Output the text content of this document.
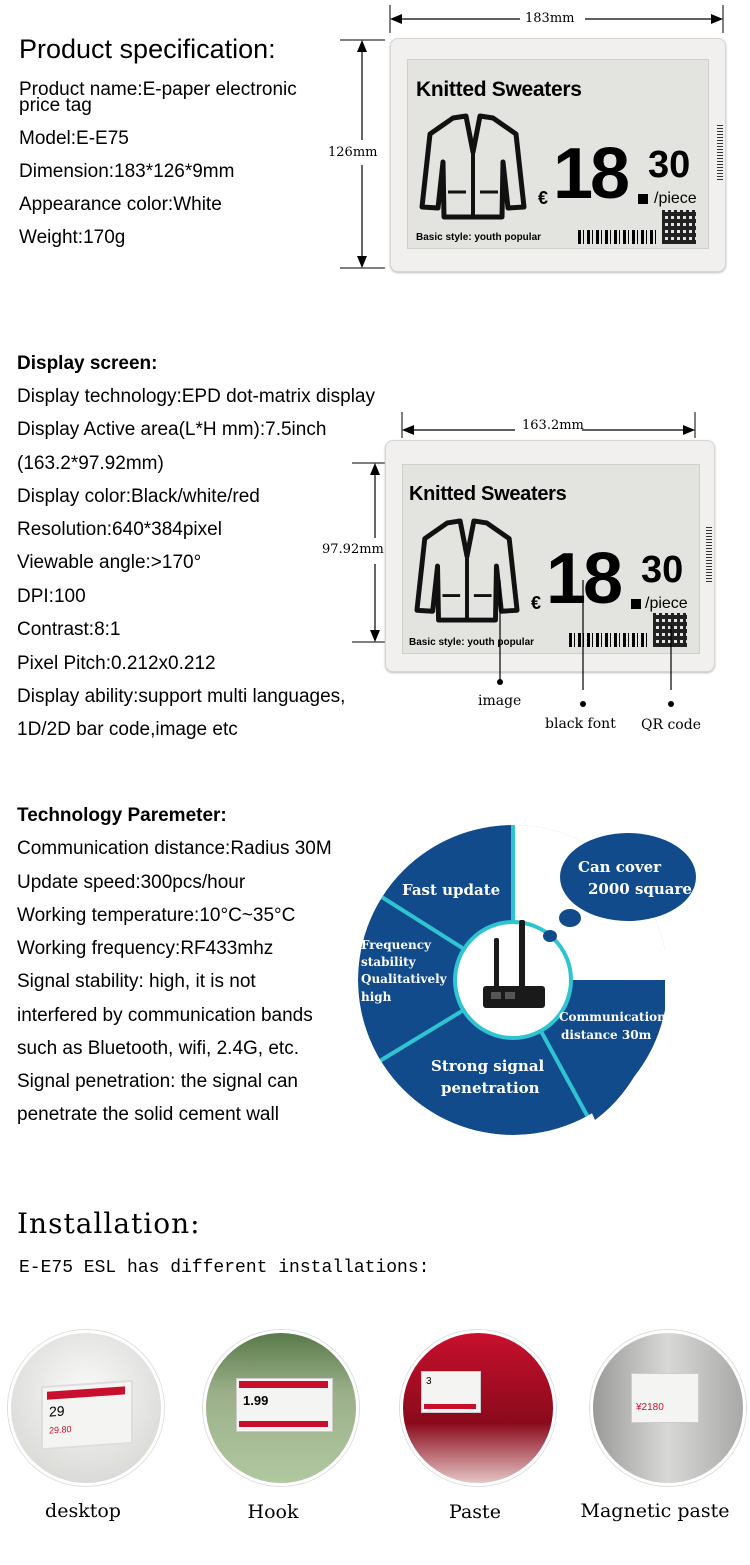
Product specification:
Product name:E-paper electronic
price tag
Model:E-E75
Dimension:183*126*9mm
Appearance color:White
Weight:170g
183mm
126mm
Knitted Sweaters
€ 18 30
/piece
Basic style: youth popular
Display screen:
Display technology:EPD dot-matrix display
Display Active area(L*H mm):7.5inch
(163.2*97.92mm)
Display color:Black/white/red
Resolution:640*384pixel
Viewable angle:>170°
DPI:100
Contrast:8:1
Pixel Pitch:0.212x0.212
Display ability:support multi languages,
1D/2D bar code,image etc
163.2mm
97.92mm
Knitted Sweaters
€ 18 30
/piece
Basic style: youth popular
image
black font QR code
Technology Paremeter:
Communication distance:Radius 30M
Update speed:300pcs/hour
Working temperature:10°C~35°C
Working frequency:RF433mhz
Signal stability: high, it is not
interfered by communication bands
such as Bluetooth, wifi, 2.4G, etc.
Signal penetration: the signal can
penetrate the solid cement wall
Can cover
2000 square
Fast update
Frequency
stability
Qualitatively
high
Communication
distance 30m
Strong signal
penetration
Installation:
E-E75 ESL has different installations:
29
29.80
desktop
1.99
Hook
3
Paste
¥2180
Magnetic paste
